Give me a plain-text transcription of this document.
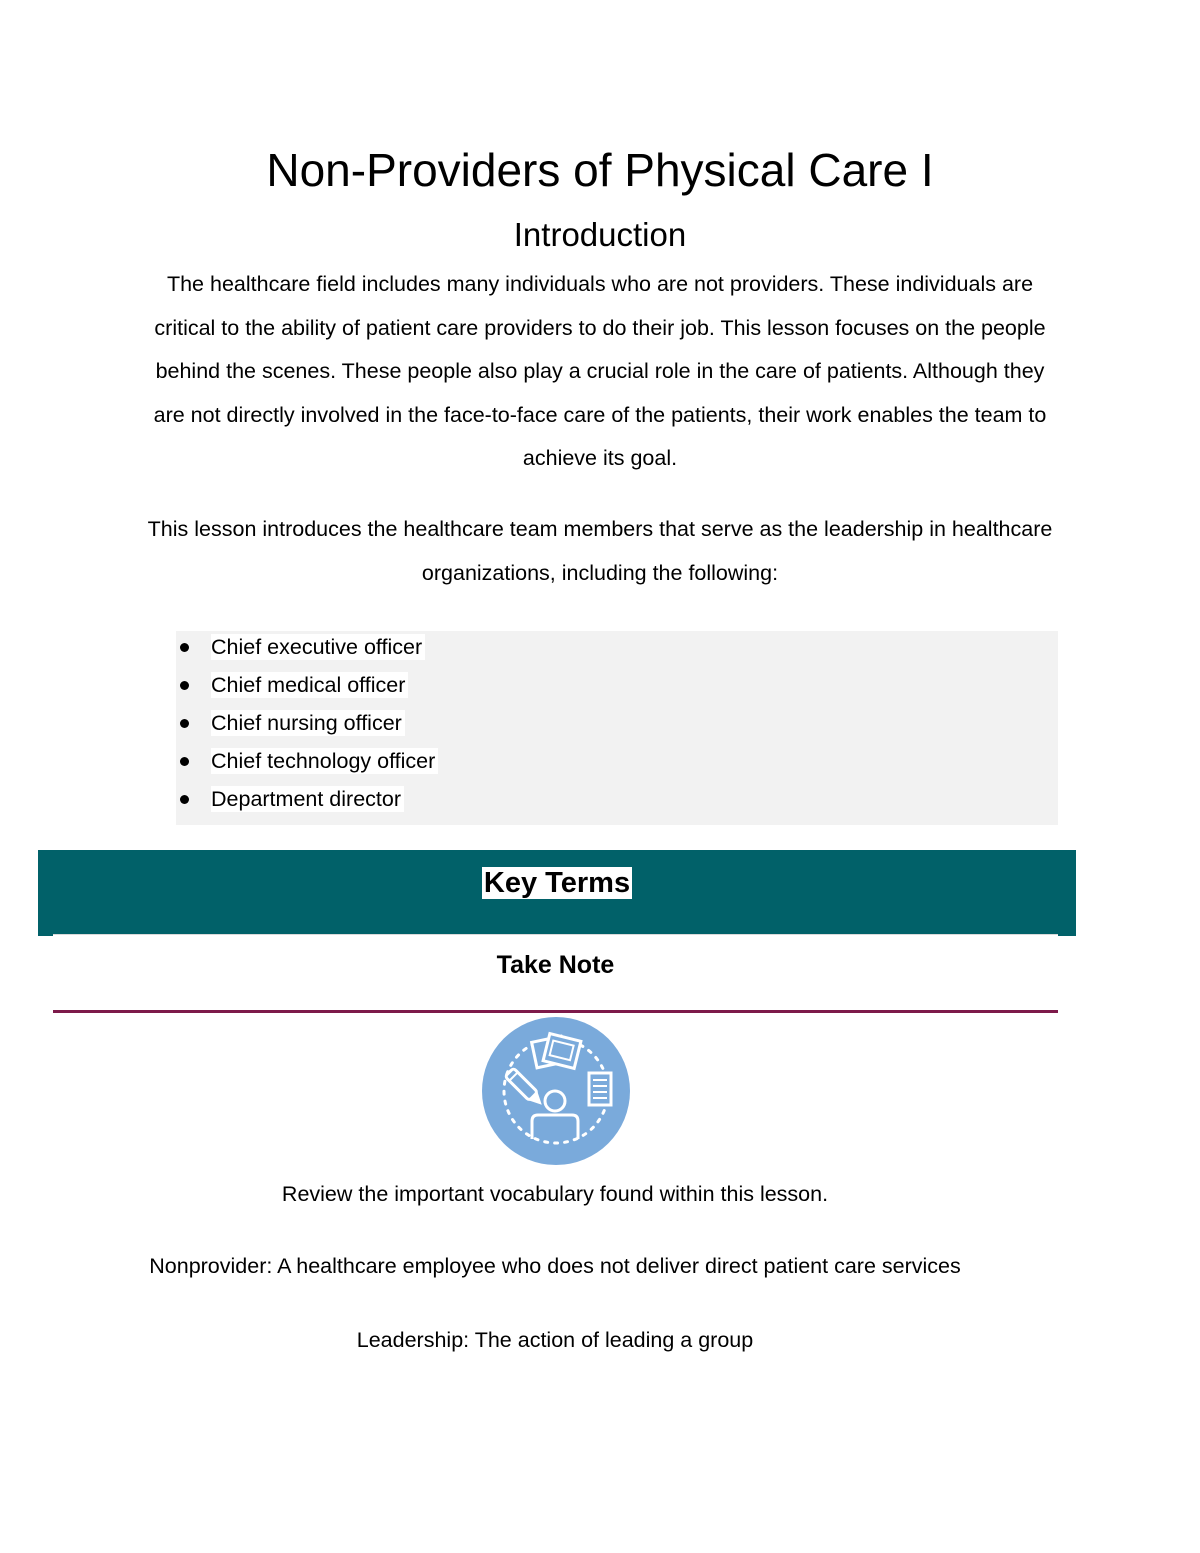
Non-Providers of Physical Care I
Introduction

The healthcare field includes many individuals who are not providers. These individuals are critical to the ability of patient care providers to do their job. This lesson focuses on the people behind the scenes. These people also play a crucial role in the care of patients. Although they are not directly involved in the face-to-face care of the patients, their work enables the team to achieve its goal.

This lesson introduces the healthcare team members that serve as the leadership in healthcare organizations, including the following:

Chief executive officer
Chief medical officer
Chief nursing officer
Chief technology officer
Department director
Key Terms
Take Note

Review the important vocabulary found within this lesson.

Nonprovider: A healthcare employee who does not deliver direct patient care services

Leadership: The action of leading a group
